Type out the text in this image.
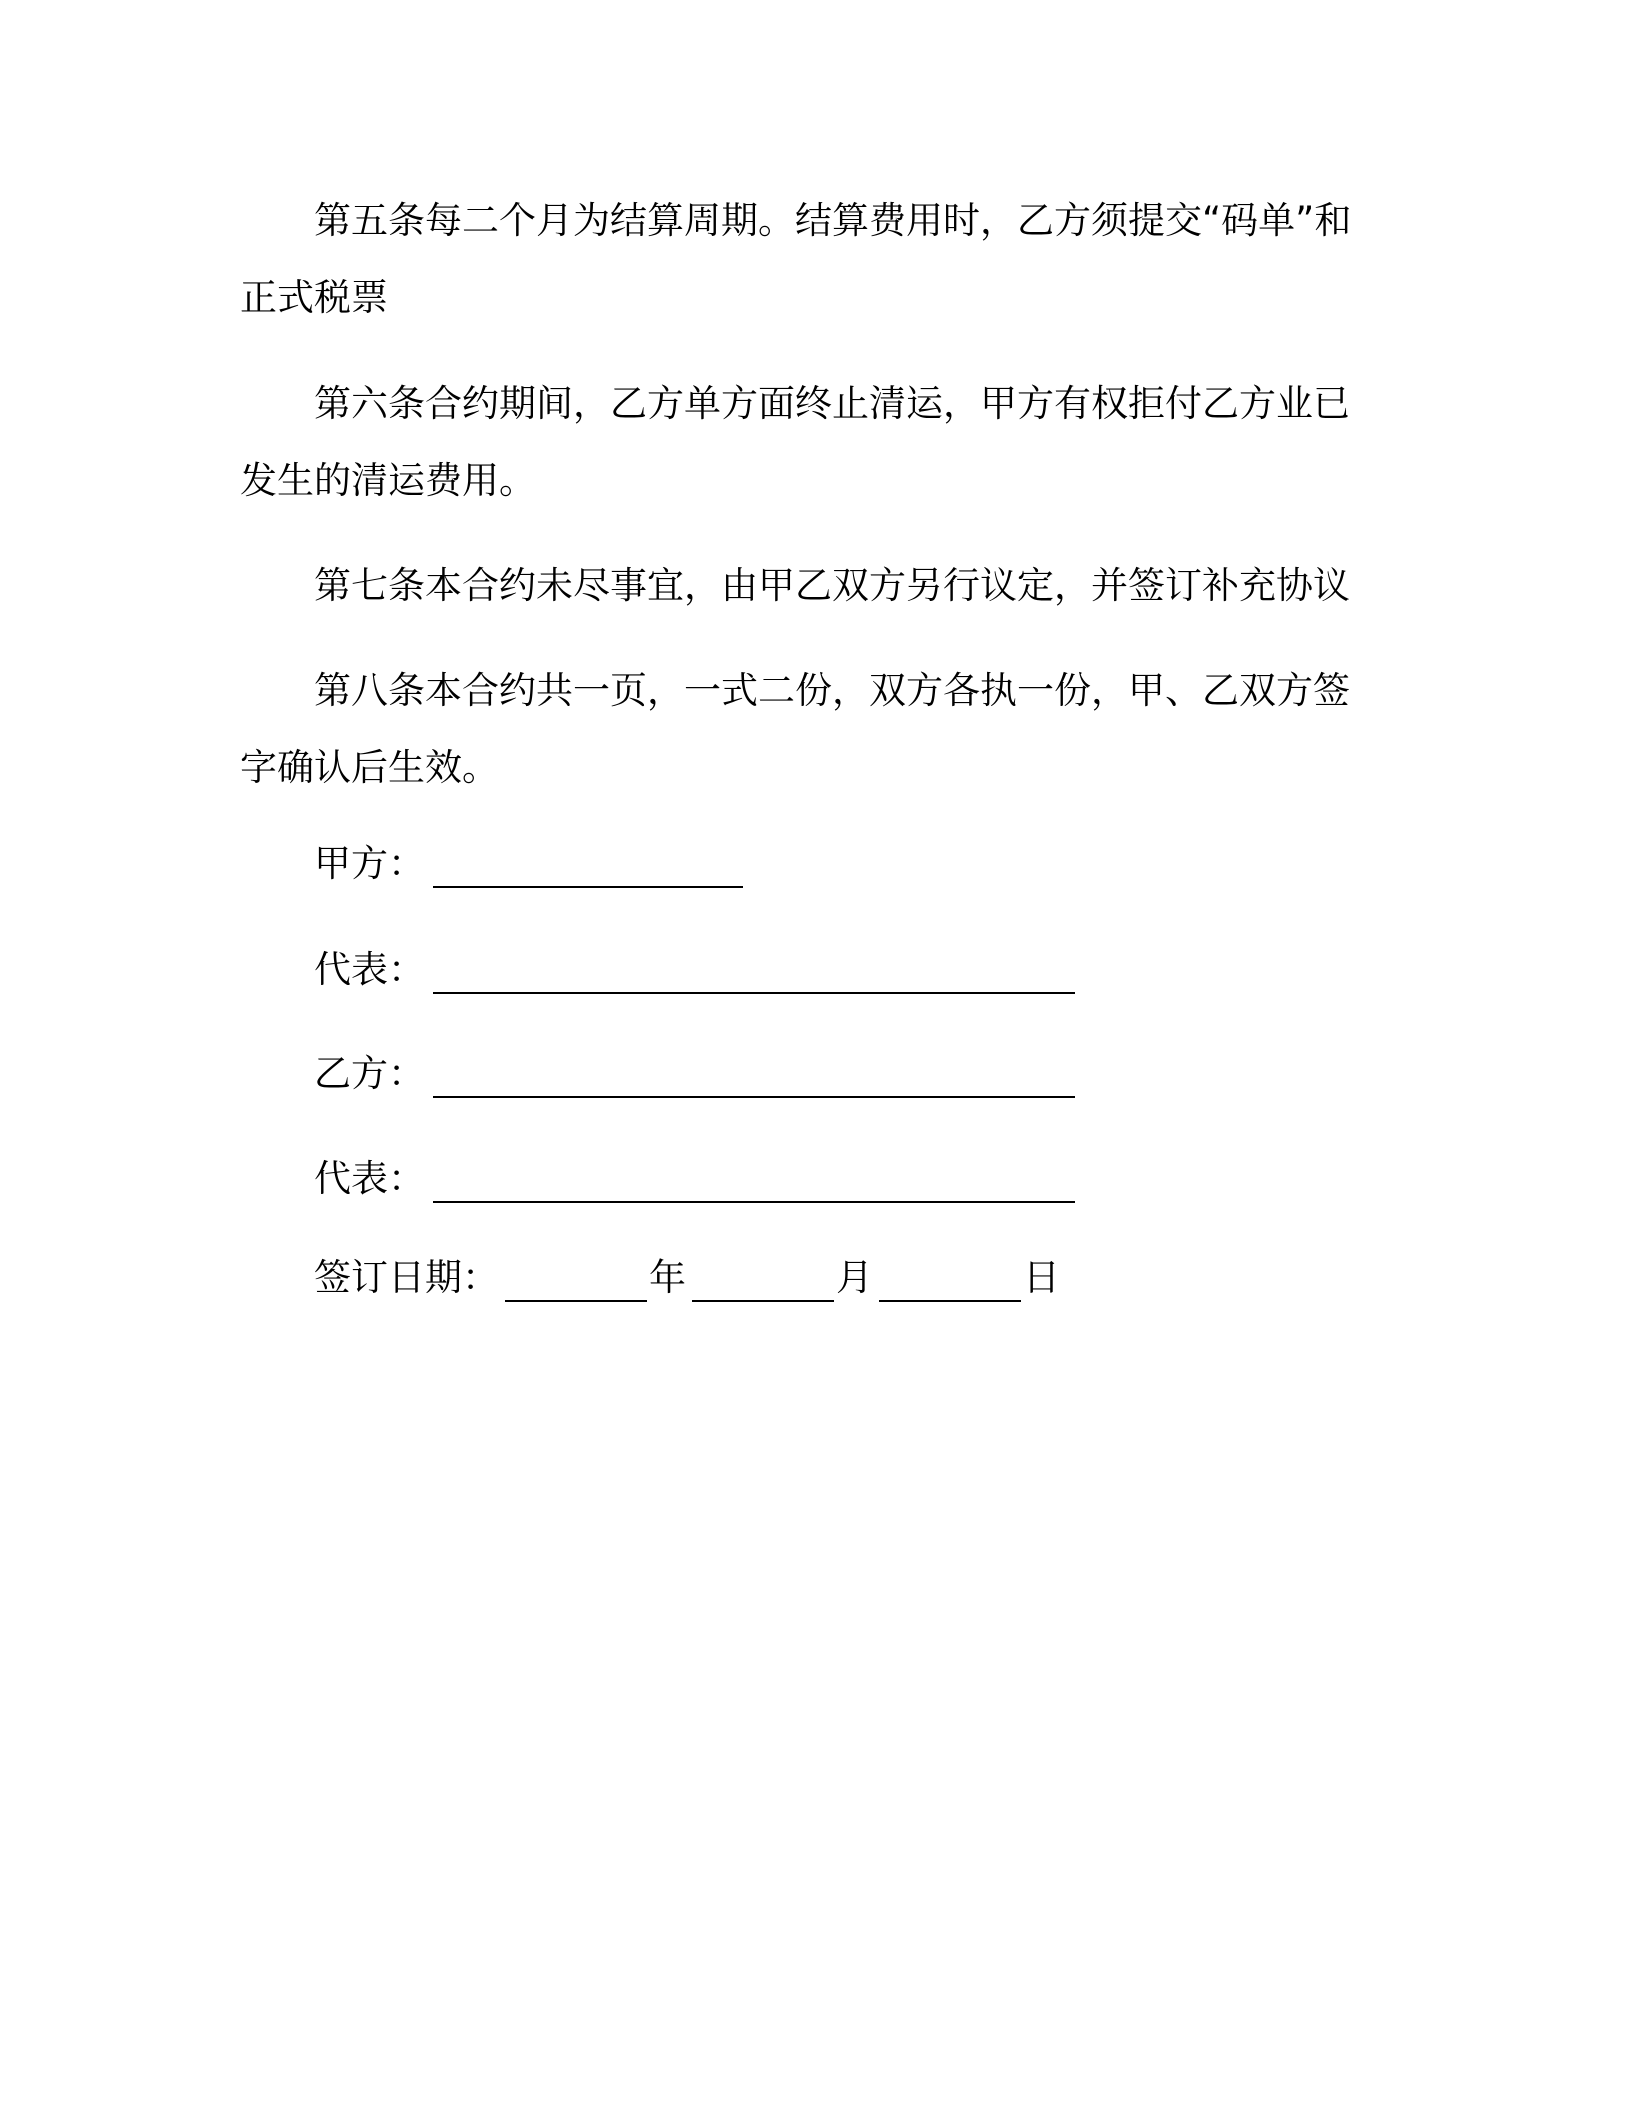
第五条每二个月为结算周期。结算费用时，乙方须提交“码单”和正式税票

第六条合约期间，乙方单方面终止清运，甲方有权拒付乙方业已发生的清运费用。

第七条本合约未尽事宜，由甲乙双方另行议定，并签订补充协议

第八条本合约共一页，一式二份，双方各执一份，甲、乙双方签字确认后生效。

甲方：
代表：
乙方：
代表：
签订日期：	年	月	日
